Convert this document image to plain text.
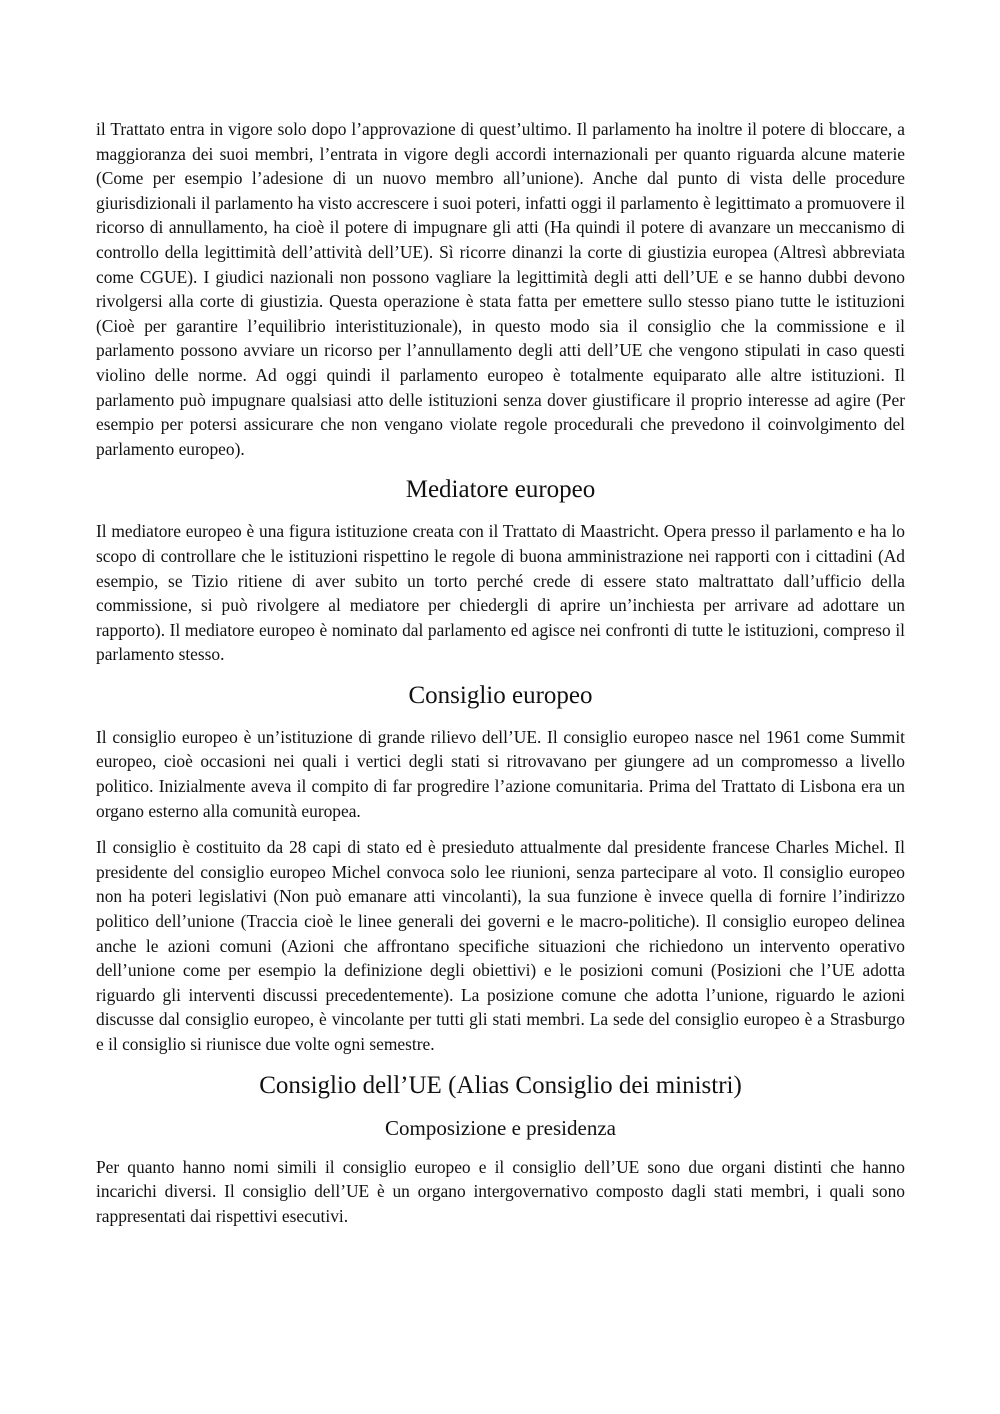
il Trattato entra in vigore solo dopo l’approvazione di quest’ultimo. Il parlamento ha inoltre il potere di bloccare, a maggioranza dei suoi membri, l’entrata in vigore degli accordi internazionali per quanto riguarda alcune materie (Come per esempio l’adesione di un nuovo membro all’unione). Anche dal punto di vista delle procedure giurisdizionali il parlamento ha visto accrescere i suoi poteri, infatti oggi il parlamento è legittimato a promuovere il ricorso di annullamento, ha cioè il potere di impugnare gli atti (Ha quindi il potere di avanzare un meccanismo di controllo della legittimità dell’attività dell’UE). Sì ricorre dinanzi la corte di giustizia europea (Altresì abbreviata come CGUE). I giudici nazionali non possono vagliare la legittimità degli atti dell’UE e se hanno dubbi devono rivolgersi alla corte di giustizia. Questa operazione è stata fatta per emettere sullo stesso piano tutte le istituzioni (Cioè per garantire l’equilibrio interistituzionale), in questo modo sia il consiglio che la commissione e il parlamento possono avviare un ricorso per l’annullamento degli atti dell’UE che vengono stipulati in caso questi violino delle norme. Ad oggi quindi il parlamento europeo è totalmente equiparato alle altre istituzioni. Il parlamento può impugnare qualsiasi atto delle istituzioni senza dover giustificare il proprio interesse ad agire (Per esempio per potersi assicurare che non vengano violate regole procedurali che prevedono il coinvolgimento del parlamento europeo).

Mediatore europeo

Il mediatore europeo è una figura istituzione creata con il Trattato di Maastricht. Opera presso il parlamento e ha lo scopo di controllare che le istituzioni rispettino le regole di buona amministrazione nei rapporti con i cittadini (Ad esempio, se Tizio ritiene di aver subito un torto perché crede di essere stato maltrattato dall’ufficio della commissione, si può rivolgere al mediatore per chiedergli di aprire un’inchiesta per arrivare ad adottare un rapporto). Il mediatore europeo è nominato dal parlamento ed agisce nei confronti di tutte le istituzioni, compreso il parlamento stesso.

Consiglio europeo

Il consiglio europeo è un’istituzione di grande rilievo dell’UE. Il consiglio europeo nasce nel 1961 come Summit europeo, cioè occasioni nei quali i vertici degli stati si ritrovavano per giungere ad un compromesso a livello politico. Inizialmente aveva il compito di far progredire l’azione comunitaria. Prima del Trattato di Lisbona era un organo esterno alla comunità europea.

Il consiglio è costituito da 28 capi di stato ed è presieduto attualmente dal presidente francese Charles Michel. Il presidente del consiglio europeo Michel convoca solo lee riunioni, senza partecipare al voto. Il consiglio europeo non ha poteri legislativi (Non può emanare atti vincolanti), la sua funzione è invece quella di fornire l’indirizzo politico dell’unione (Traccia cioè le linee generali dei governi e le macro-politiche). Il consiglio europeo delinea anche le azioni comuni (Azioni che affrontano specifiche situazioni che richiedono un intervento operativo dell’unione come per esempio la definizione degli obiettivi) e le posizioni comuni (Posizioni che l’UE adotta riguardo gli interventi discussi precedentemente). La posizione comune che adotta l’unione, riguardo le azioni discusse dal consiglio europeo, è vincolante per tutti gli stati membri. La sede del consiglio europeo è a Strasburgo e il consiglio si riunisce due volte ogni semestre.

Consiglio dell’UE (Alias Consiglio dei ministri)
Composizione e presidenza

Per quanto hanno nomi simili il consiglio europeo e il consiglio dell’UE sono due organi distinti che hanno incarichi diversi. Il consiglio dell’UE è un organo intergovernativo composto dagli stati membri, i quali sono rappresentati dai rispettivi esecutivi.
